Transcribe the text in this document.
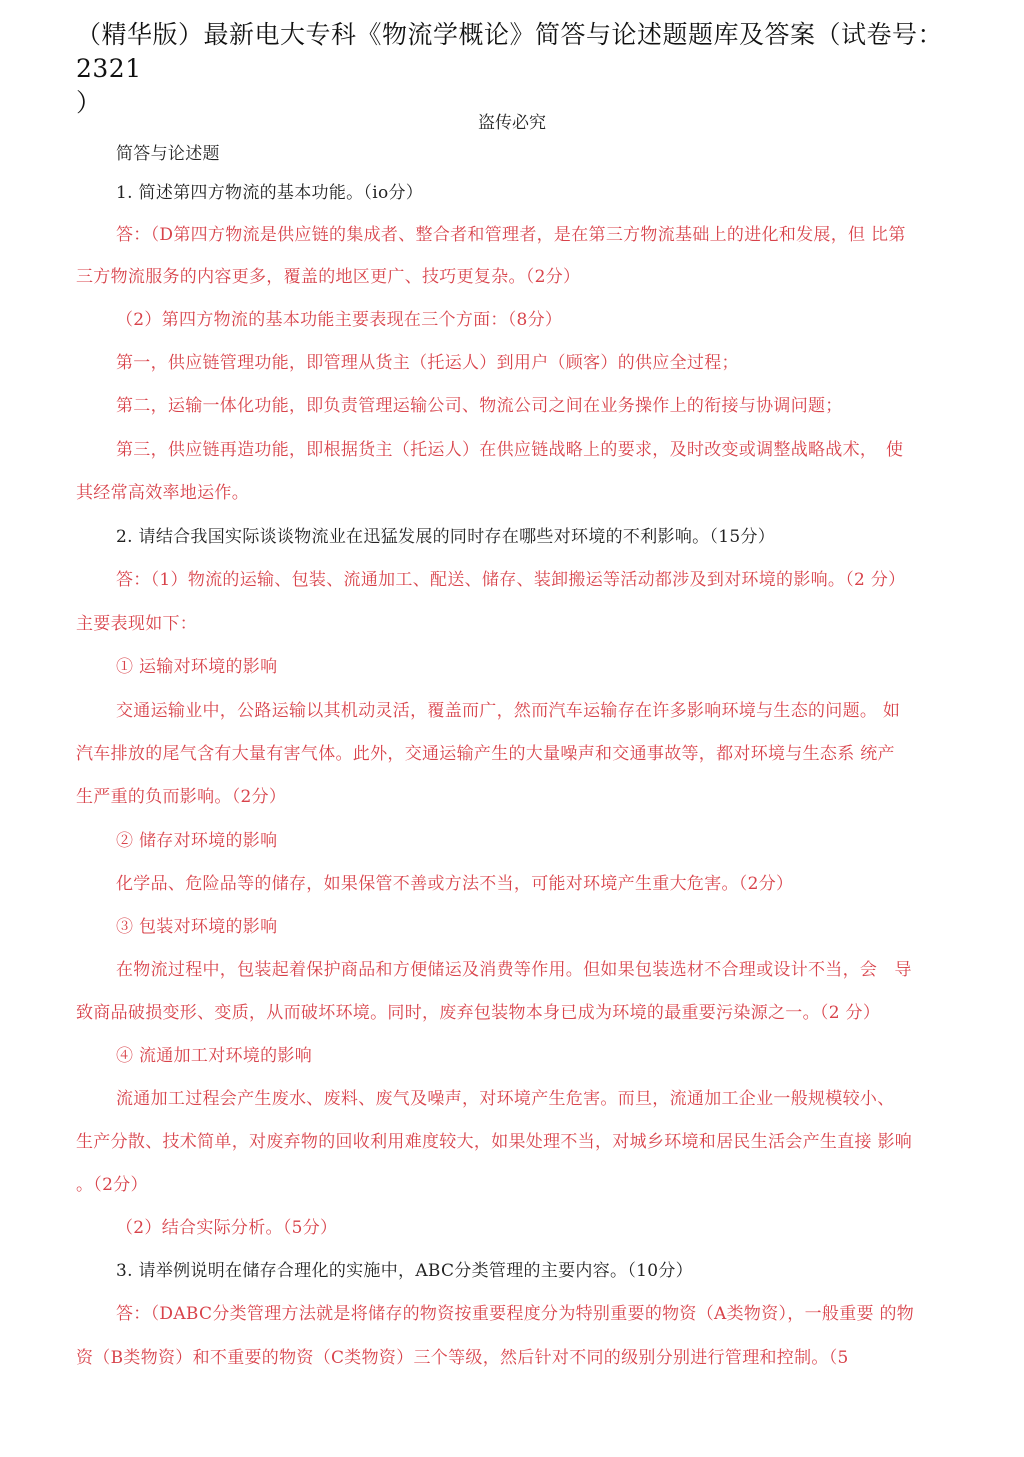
（精华版）最新电大专科《物流学概论》简答与论述题题库及答案（试卷号：2321
）
盗传必究
简答与论述题
1. 简述第四方物流的基本功能。（io分）
答：（D第四方物流是供应链的集成者、整合者和管理者，是在第三方物流基础上的进化和发展，但 比第
三方物流服务的内容更多，覆盖的地区更广、技巧更复杂。（2分）
（2）第四方物流的基本功能主要表现在三个方面：（8分）
第一，供应链管理功能，即管理从货主（托运人）到用户（顾客）的供应全过程；
第二，运输一体化功能，即负责管理运输公司、物流公司之间在业务操作上的衔接与协调问题；
第三，供应链再造功能，即根据货主（托运人）在供应链战略上的要求，及时改变或调整战略战术，　使
其经常高效率地运作。
2. 请结合我国实际谈谈物流业在迅猛发展的同时存在哪些对环境的不利影响。（15分）
答：（1）物流的运输、包装、流通加工、配送、储存、装卸搬运等活动都涉及到对环境的影响。（2 分）
主要表现如下：
① 运输对环境的影响
交通运输业中，公路运输以其机动灵活，覆盖而广，然而汽车运输存在许多影响环境与生态的问题。 如
汽车排放的尾气含有大量有害气体。此外，交通运输产生的大量噪声和交通事故等，都对环境与生态系 统产
生严重的负而影响。（2分）
② 储存对环境的影响
化学品、危险品等的储存，如果保管不善或方法不当，可能对环境产生重大危害。（2分）
③ 包装对环境的影响
在物流过程中，包装起着保护商品和方便储运及消费等作用。但如果包装选材不合理或设计不当，会　导
致商品破损变形、变质，从而破坏环境。同时，废弃包装物本身已成为环境的最重要污染源之一。（2 分）
④ 流通加工对环境的影响
流通加工过程会产生废水、废料、废气及噪声，对环境产生危害。而旦，流通加工企业一般规模较小、
生产分散、技术简单，对废弃物的回收利用难度较大，如果处理不当，对城乡环境和居民生活会产生直接 影响
。（2分）
（2）结合实际分析。（5分）
3. 请举例说明在储存合理化的实施中，ABC分类管理的主要内容。（10分）
答：（DABC分类管理方法就是将储存的物资按重要程度分为特别重要的物资（A类物资），一般重要 的物
资（B类物资）和不重要的物资（C类物资）三个等级，然后针对不同的级别分别进行管理和控制。（5
